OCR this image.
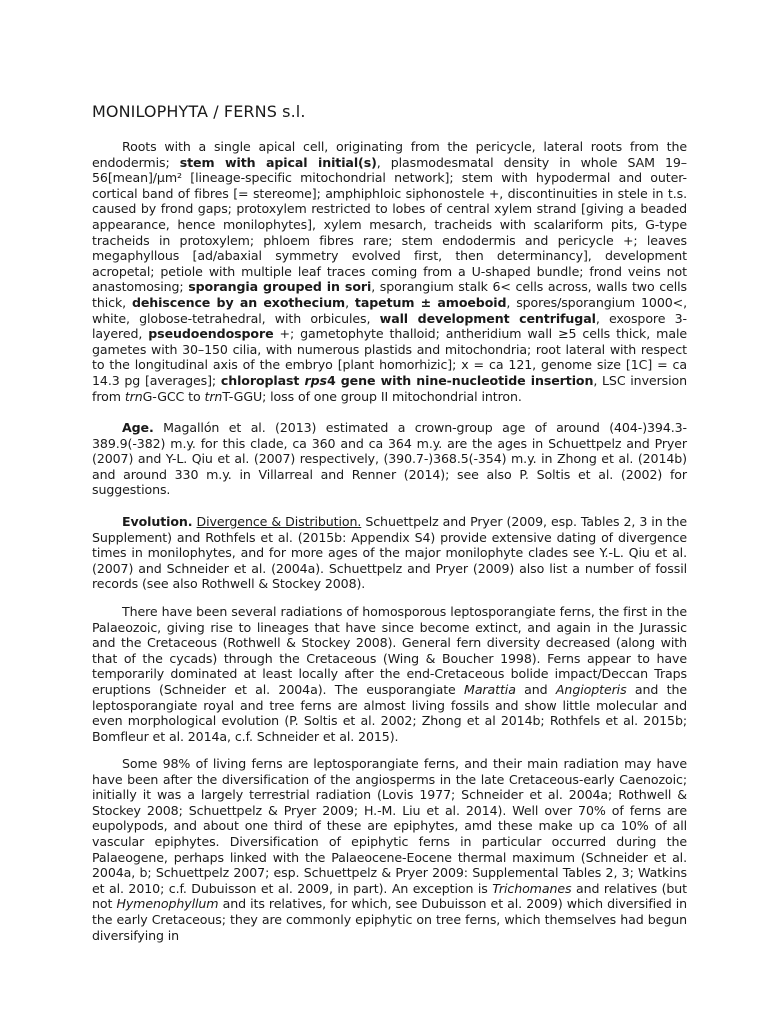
MONILOPHYTA / FERNS s.l.

Roots with a single apical cell, originating from the pericycle, lateral roots from the endodermis; stem with apical initial(s), plasmodesmatal density in whole SAM 19–56[mean]/µm² [lineage-specific mitochondrial network]; stem with hypodermal and outer-cortical band of fibres [= stereome]; amphiphloic siphonostele +, discontinuities in stele in t.s. caused by frond gaps; protoxylem restricted to lobes of central xylem strand [giving a beaded appearance, hence monilophytes], xylem mesarch, tracheids with scalariform pits, G-type tracheids in protoxylem; phloem fibres rare; stem endodermis and pericycle +; leaves megaphyllous [ad/abaxial symmetry evolved first, then determinancy], development acropetal; petiole with multiple leaf traces coming from a U-shaped bundle; frond veins not anastomosing; sporangia grouped in sori, sporangium stalk 6< cells across, walls two cells thick, dehiscence by an exothecium, tapetum ± amoeboid, spores/sporangium 1000<, white, globose-tetrahedral, with orbicules, wall development centrifugal, exospore 3-layered, pseudoendospore +; gametophyte thalloid; antheridium wall ≥5 cells thick, male gametes with 30–150 cilia, with numerous plastids and mitochondria; root lateral with respect to the longitudinal axis of the embryo [plant homorhizic]; x = ca 121, genome size [1C] = ca 14.3 pg [averages]; chloroplast rps4 gene with nine-nucleotide insertion, LSC inversion from trnG-GCC to trnT-GGU; loss of one group II mitochondrial intron.

Age. Magallón et al. (2013) estimated a crown-group age of around (404-)394.3-389.9(-382) m.y. for this clade, ca 360 and ca 364 m.y. are the ages in Schuettpelz and Pryer (2007) and Y-L. Qiu et al. (2007) respectively, (390.7-)368.5(-354) m.y. in Zhong et al. (2014b) and around 330 m.y. in Villarreal and Renner (2014); see also P. Soltis et al. (2002) for suggestions.

Evolution. Divergence & Distribution. Schuettpelz and Pryer (2009, esp. Tables 2, 3 in the Supplement) and Rothfels et al. (2015b: Appendix S4) provide extensive dating of divergence times in monilophytes, and for more ages of the major monilophyte clades see Y.-L. Qiu et al. (2007) and Schneider et al. (2004a). Schuettpelz and Pryer (2009) also list a number of fossil records (see also Rothwell & Stockey 2008).

There have been several radiations of homosporous leptosporangiate ferns, the first in the Palaeozoic, giving rise to lineages that have since become extinct, and again in the Jurassic and the Cretaceous (Rothwell & Stockey 2008). General fern diversity decreased (along with that of the cycads) through the Cretaceous (Wing & Boucher 1998). Ferns appear to have temporarily dominated at least locally after the end-Cretaceous bolide impact/Deccan Traps eruptions (Schneider et al. 2004a). The eusporangiate Marattia and Angiopteris and the leptosporangiate royal and tree ferns are almost living fossils and show little molecular and even morphological evolution (P. Soltis et al. 2002; Zhong et al 2014b; Rothfels et al. 2015b; Bomfleur et al. 2014a, c.f. Schneider et al. 2015).

Some 98% of living ferns are leptosporangiate ferns, and their main radiation may have have been after the diversification of the angiosperms in the late Cretaceous-early Caenozoic; initially it was a largely terrestrial radiation (Lovis 1977; Schneider et al. 2004a; Rothwell & Stockey 2008; Schuettpelz & Pryer 2009; H.-M. Liu et al. 2014). Well over 70% of ferns are eupolypods, and about one third of these are epiphytes, amd these make up ca 10% of all vascular epiphytes. Diversification of epiphytic ferns in particular occurred during the Palaeogene, perhaps linked with the Palaeocene-Eocene thermal maximum (Schneider et al. 2004a, b; Schuettpelz 2007; esp. Schuettpelz & Pryer 2009: Supplemental Tables 2, 3; Watkins et al. 2010; c.f. Dubuisson et al. 2009, in part). An exception is Trichomanes and relatives (but not Hymenophyllum and its relatives, for which, see Dubuisson et al. 2009) which diversified in the early Cretaceous; they are commonly epiphytic on tree ferns, which themselves had begun diversifying in
